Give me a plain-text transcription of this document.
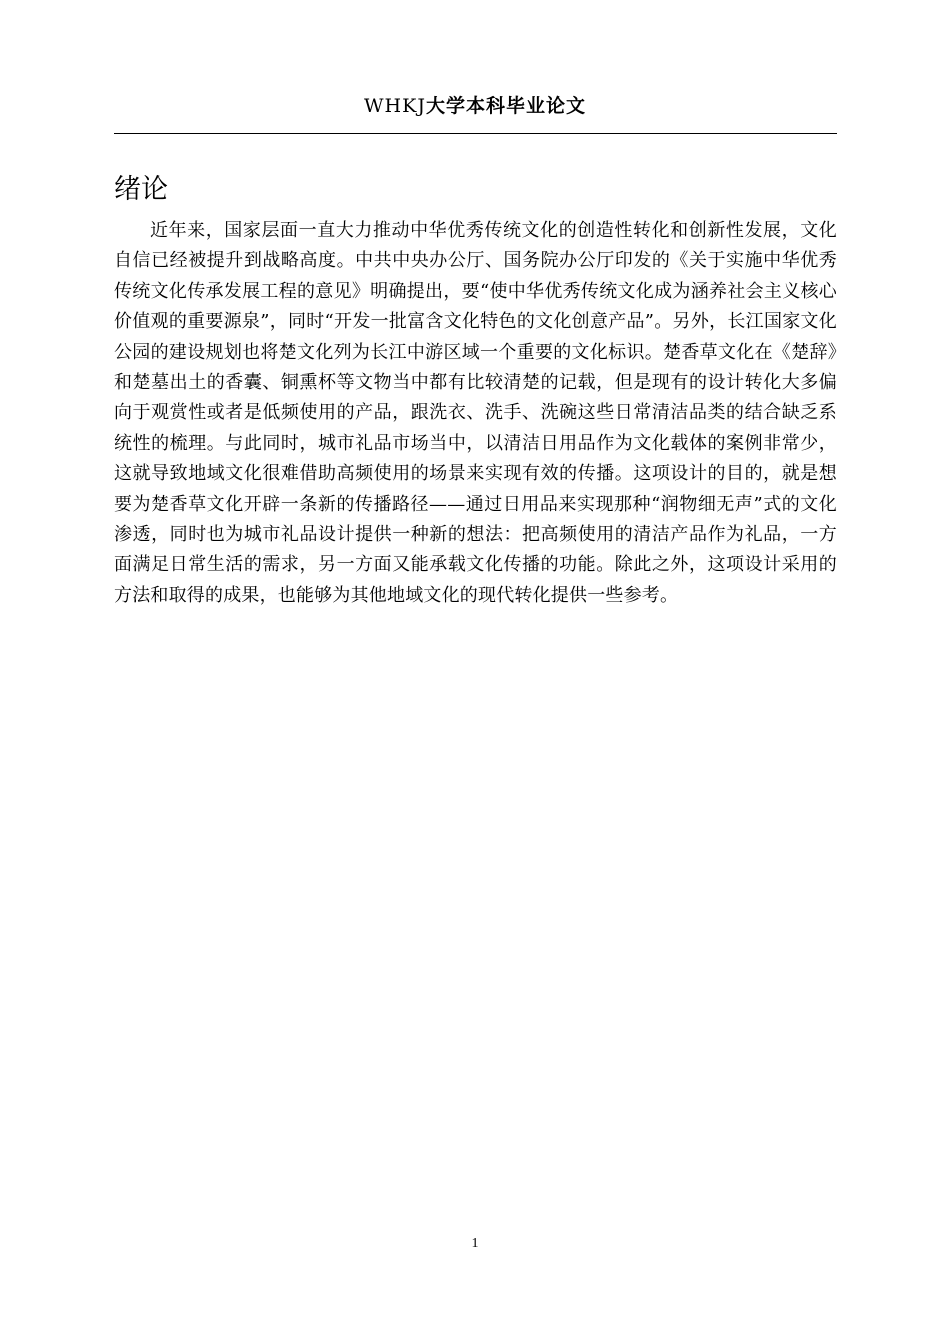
WHKJ大学本科毕业论文
绪论

近年来，国家层面一直大力推动中华优秀传统文化的创造性转化和创新性发展，文化自信已经被提升到战略高度。中共中央办公厅、国务院办公厅印发的《关于实施中华优秀传统文化传承发展工程的意见》明确提出，要“使中华优秀传统文化成为涵养社会主义核心价值观的重要源泉”，同时“开发一批富含文化特色的文化创意产品”。另外，长江国家文化公园的建设规划也将楚文化列为长江中游区域一个重要的文化标识。楚香草文化在《楚辞》和楚墓出土的香囊、铜熏杯等文物当中都有比较清楚的记载，但是现有的设计转化大多偏向于观赏性或者是低频使用的产品，跟洗衣、洗手、洗碗这些日常清洁品类的结合缺乏系统性的梳理。与此同时，城市礼品市场当中，以清洁日用品作为文化载体的案例非常少，这就导致地域文化很难借助高频使用的场景来实现有效的传播。这项设计的目的，就是想要为楚香草文化开辟一条新的传播路径——通过日用品来实现那种“润物细无声”式的文化渗透，同时也为城市礼品设计提供一种新的想法：把高频使用的清洁产品作为礼品，一方面满足日常生活的需求，另一方面又能承载文化传播的功能。除此之外，这项设计采用的方法和取得的成果，也能够为其他地域文化的现代转化提供一些参考。

1
